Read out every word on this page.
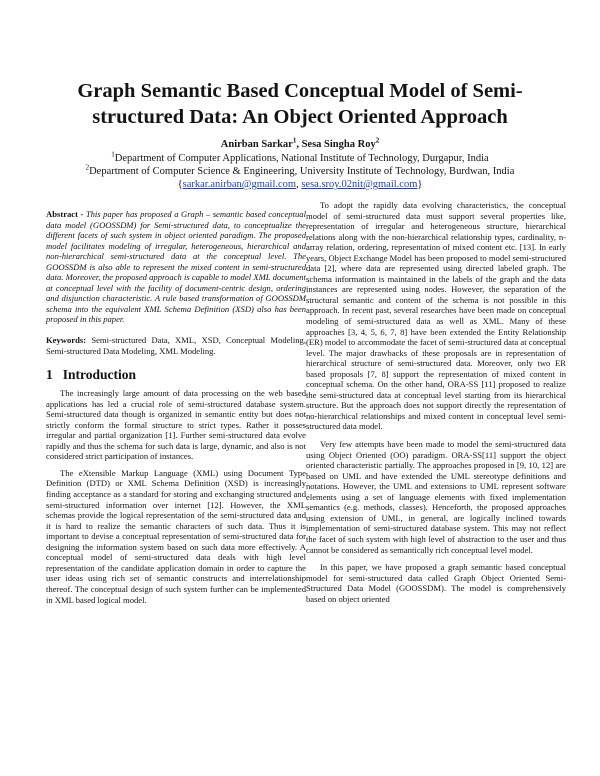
Graph Semantic Based Conceptual Model of Semi-
structured Data: An Object Oriented Approach
Anirban Sarkar$^1$, Sesa Singha Roy$^2$
$^1$Department of Computer Applications, National Institute of Technology, Durgapur, India
$^2$Department of Computer Science & Engineering, University Institute of Technology, Burdwan, India
{sarkar.anirban@gmail.com, sesa.sroy.02nit@gmail.com}

Abstract - This paper has proposed a Graph – semantic based conceptual data model (GOOSSDM) for Semi-structured data, to conceptualize the different facets of such system in object oriented paradigm. The proposed model facilitates modeling of irregular, heterogeneous, hierarchical and non-hierarchical semi-structured data at the conceptual level. The GOOSSDM is also able to represent the mixed content in semi-structured data. Moreover, the proposed approach is capable to model XML document at conceptual level with the facility of document-centric design, ordering and disjunction characteristic. A rule based transformation of GOOSSDM schema into the equivalent XML Schema Definition (XSD) also has been proposed in this paper.

Keywords: Semi-structured Data, XML, XSD, Conceptual Modeling, Semi-structured Data Modeling, XML Modeling.

1 Introduction

The increasingly large amount of data processing on the web based applications has led a crucial role of semi-structured database system. Semi-structured data though is organized in semantic entity but does not strictly conform the formal structure to strict types. Rather it posses irregular and partial organization [1]. Further semi-structured data evolve rapidly and thus the schema for such data is large, dynamic, and also is not considered strict participation of instances.

The eXtensible Markup Language (XML) using Document Type Definition (DTD) or XML Schema Definition (XSD) is increasingly finding acceptance as a standard for storing and exchanging structured and semi-structured information over internet [12]. However, the XML schemas provide the logical representation of the semi-structured data and it is hard to realize the semantic characters of such data. Thus it is important to devise a conceptual representation of semi-structured data for designing the information system based on such data more effectively. A conceptual model of semi-structured data deals with high level representation of the candidate application domain in order to capture the user ideas using rich set of semantic constructs and interrelationship thereof. The conceptual design of such system further can be implemented in XML based logical model.

To adopt the rapidly data evolving characteristics, the conceptual model of semi-structured data must support several properties like, representation of irregular and heterogeneous structure, hierarchical relations along with the non-hierarchical relationship types, cardinality, n-array relation, ordering, representation of mixed content etc. [13]. In early years, Object Exchange Model has been proposed to model semi-structured data [2], where data are represented using directed labeled graph. The schema information is maintained in the labels of the graph and the data instances are represented using nodes. However, the separation of the structural semantic and content of the schema is not possible in this approach. In recent past, several researches have been made on conceptual modeling of semi-structured data as well as XML. Many of these approaches [3, 4, 5, 6, 7, 8] have been extended the Entity Relationship (ER) model to accommodate the facet of semi-structured data at conceptual level. The major drawbacks of these proposals are in representation of hierarchical structure of semi-structured data. Moreover, only two ER based proposals [7, 8] support the representation of mixed content in conceptual schema. On the other hand, ORA-SS [11] proposed to realize the semi-structured data at conceptual level starting from its hierarchical structure. But the approach does not support directly the representation of no-hierarchical relationships and mixed content in conceptual level semi-structured data model.

Very few attempts have been made to model the semi-structured data using Object Oriented (OO) paradigm. ORA-SS[11] support the object oriented characteristic partially. The approaches proposed in [9, 10, 12] are based on UML and have extended the UML stereotype definitions and notations. However, the UML and extensions to UML represent software elements using a set of language elements with fixed implementation semantics (e.g. methods, classes). Henceforth, the proposed approaches using extension of UML, in general, are logically inclined towards implementation of semi-structured database system. This may not reflect the facet of such system with high level of abstraction to the user and thus cannot be considered as semantically rich conceptual level model.

In this paper, we have proposed a graph semantic based conceptual model for semi-structured data called Graph Object Oriented Semi-Structured Data Model (GOOSSDM). The model is comprehensively based on object oriented
